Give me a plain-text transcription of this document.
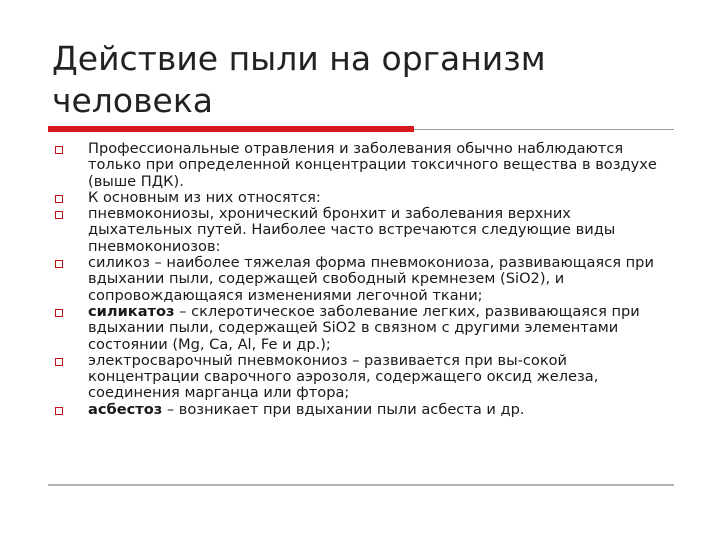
Действие пыли на организм человека
Профессиональные отравления и заболевания обычно наблюдаются только при определенной концентрации токсичного вещества в воздухе (выше ПДК).
К основным из них относятся:
пневмокониозы, хронический бронхит и заболевания верхних дыхательных путей. Наиболее часто встречаются следующие виды пневмокониозов:
силикоз – наиболее тяжелая форма пневмокониоза, развивающаяся при вдыхании пыли, содержащей свободный кремнезем (SiO2), и сопровождающаяся изменениями легочной ткани;
силикатоз – склеротическое заболевание легких, развивающаяся при вдыхании пыли, содержащей SiO2 в связном с другими элементами состоянии (Mg, Ca, Al, Fe и др.);
электросварочный пневмокониоз – развивается при вы-сокой концентрации сварочного аэрозоля, содержащего оксид железа, соединения марганца или фтора;
асбестоз – возникает при вдыхании пыли асбеста и др.
